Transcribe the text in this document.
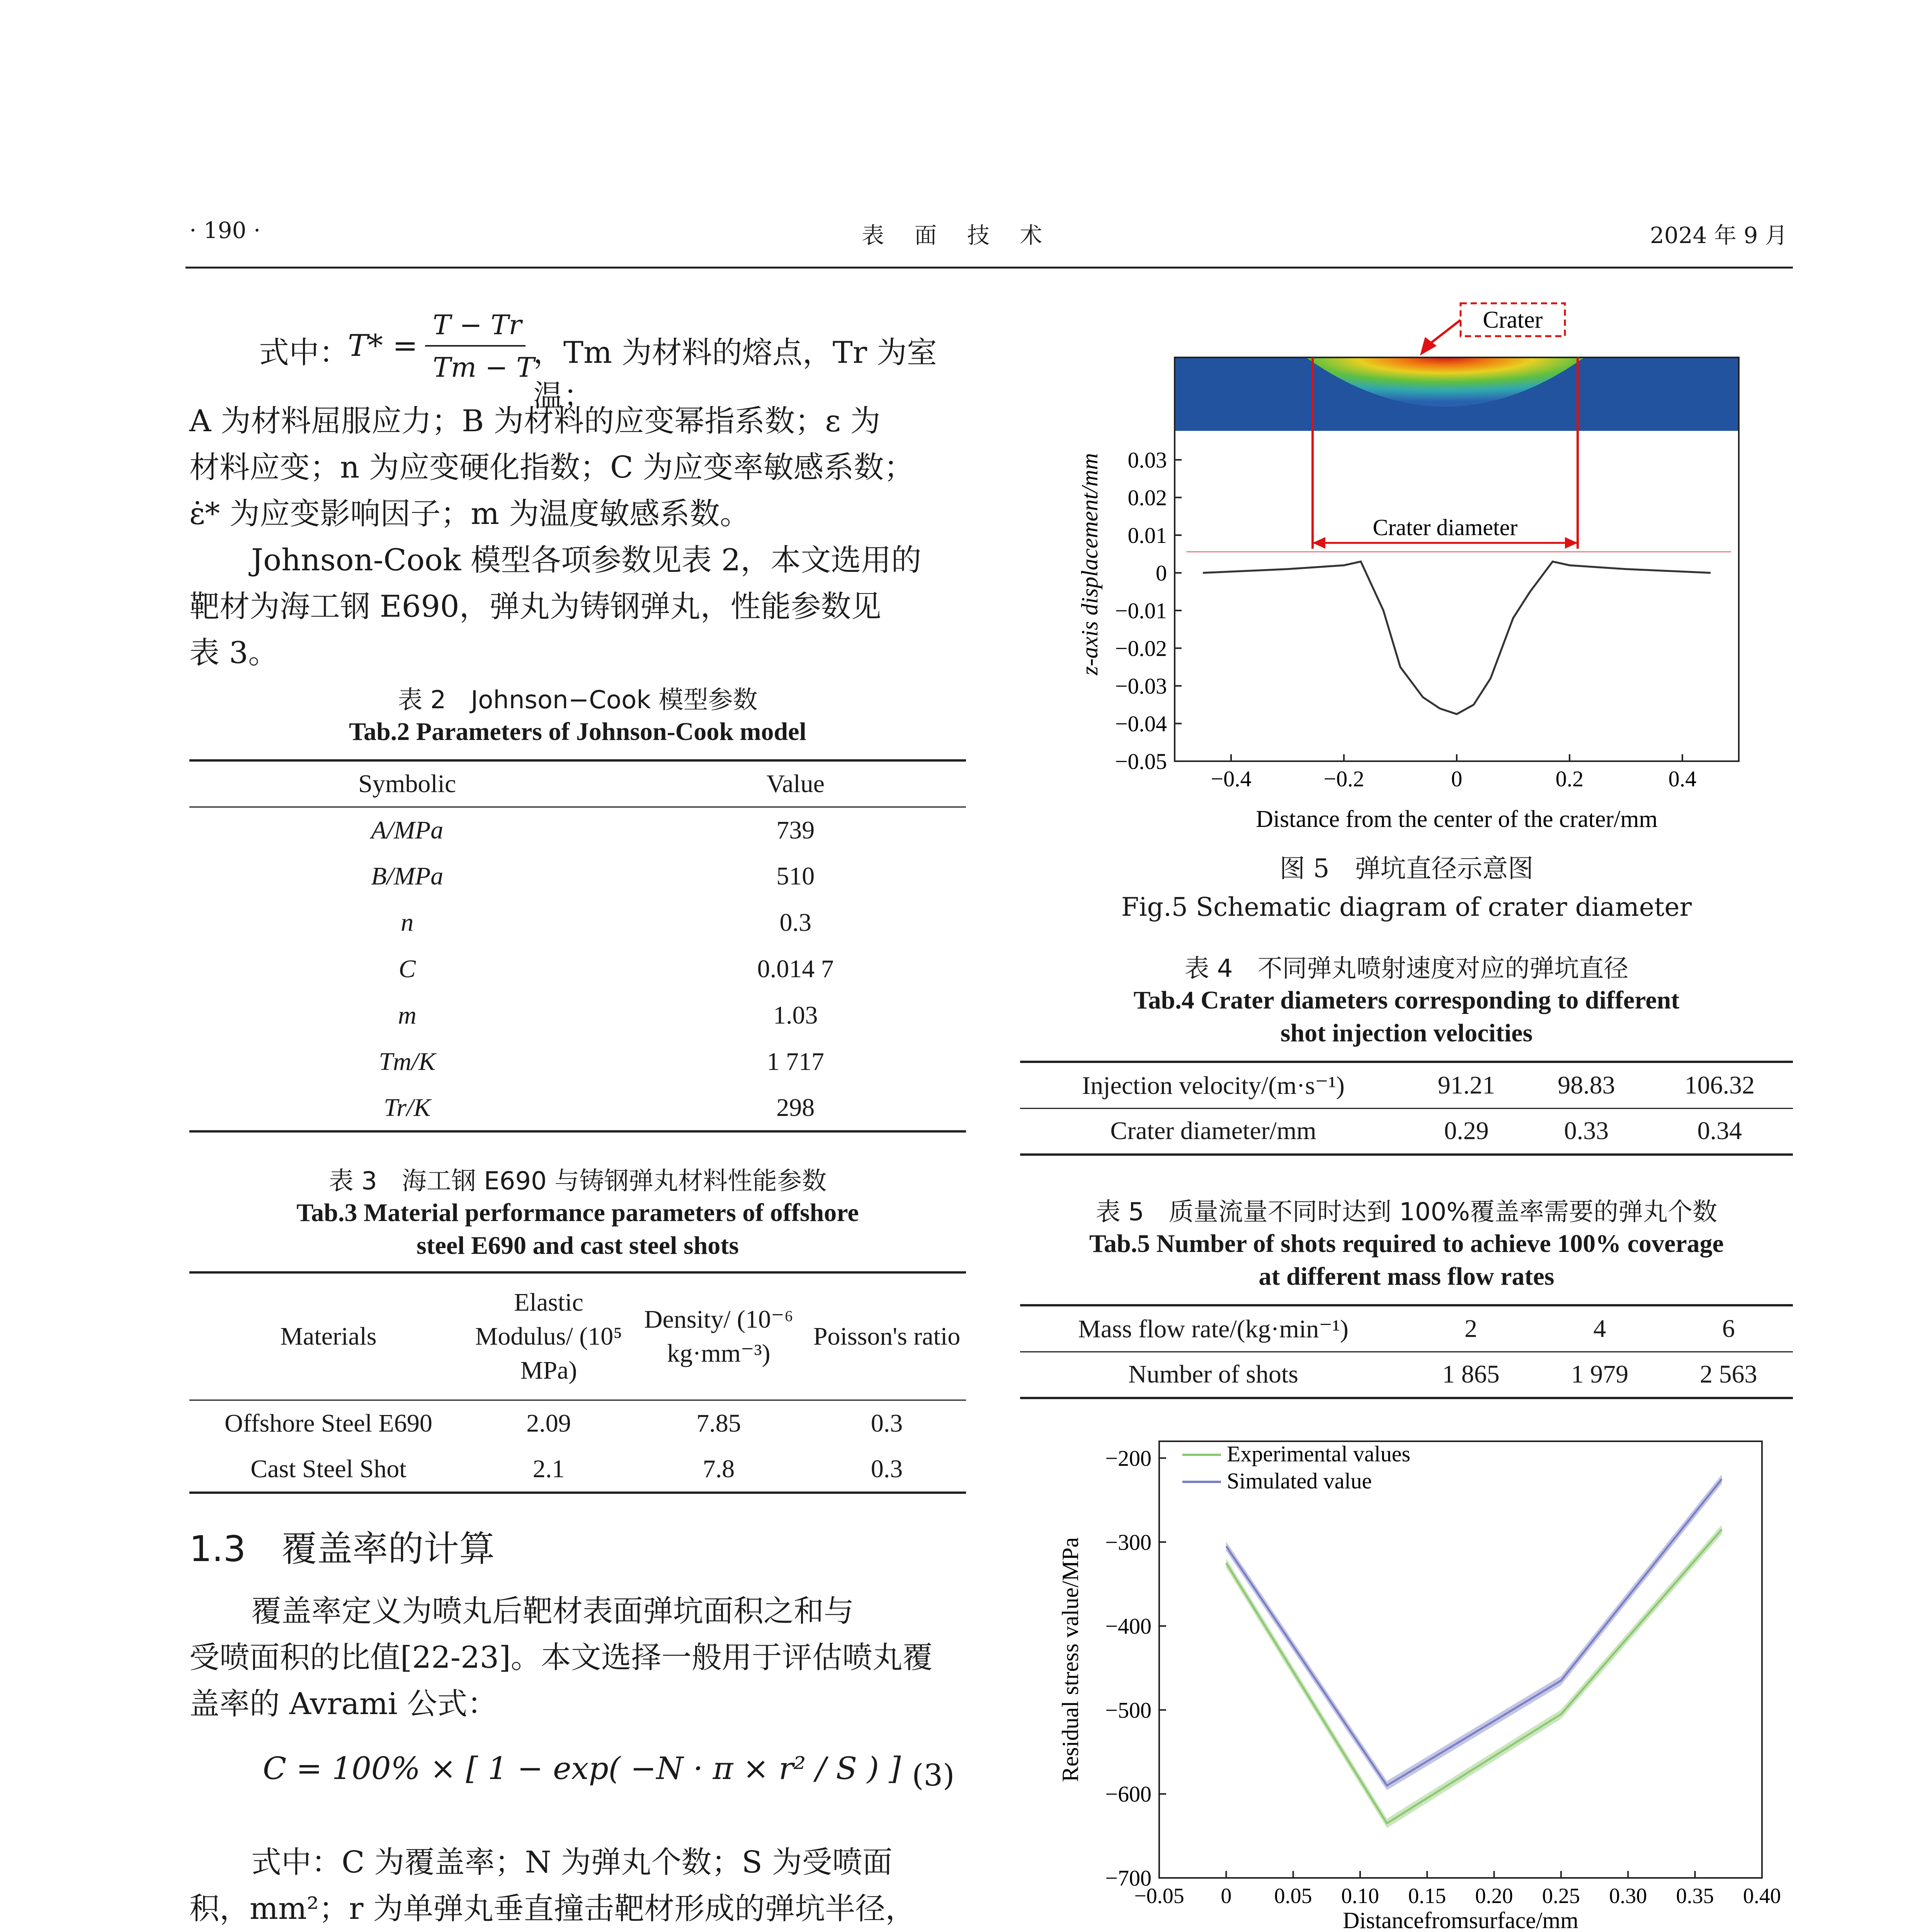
· 190 ·	表 面 技 术	2024 年 9 月
式中：
T* =
T − Tr
Tm − T
，Tm 为材料的熔点，Tr 为室温；
A 为材料屈服应力；B 为材料的应变幂指系数；ε 为
材料应变；n 为应变硬化指数；C 为应变率敏感系数；
ε̇* 为应变影响因子；m 为温度敏感系数。
Johnson-Cook 模型各项参数见表 2，本文选用的
靶材为海工钢 E690，弹丸为铸钢弹丸，性能参数见
表 3。
表 2　Johnson−Cook 模型参数
Tab.2 Parameters of Johnson-Cook model
Symbolic	Value
A/MPa	739
B/MPa	510
n	0.3
C	0.014 7
m	1.03
Tm/K	1 717
Tr/K	298
表 3　海工钢 E690 与铸钢弹丸材料性能参数
Tab.3 Material performance parameters of offshore
steel E690 and cast steel shots
Materials	Elastic Modulus/ (10⁵ MPa)	Density/ (10⁻⁶ kg·mm⁻³)	Poisson's ratio
Offshore Steel E690	2.09	7.85	0.3
Cast Steel Shot	2.1	7.8	0.3
1.3　覆盖率的计算
覆盖率定义为喷丸后靶材表面弹坑面积之和与
受喷面积的比值[22-23]。本文选择一般用于评估喷丸覆
盖率的 Avrami 公式：
C = 100% × [ 1 − exp( −N · π × r² / S ) ] (3)
式中：C 为覆盖率；N 为弹丸个数；S 为受喷面
积，mm²；r 为单弹丸垂直撞击靶材形成的弹坑半径，
Crater
Crater diameter
0.03
0.02
0.01
0
−0.01
−0.02
−0.03
−0.04
−0.05
−0.4	−0.2	0	0.2	0.4
z-axis displacement/mm
Distance from the center of the crater/mm
图 5　弹坑直径示意图
Fig.5 Schematic diagram of crater diameter
表 4　不同弹丸喷射速度对应的弹坑直径
Tab.4 Crater diameters corresponding to different
shot injection velocities
Injection velocity/(m·s⁻¹)	91.21	98.83	106.32
Crater diameter/mm	0.29	0.33	0.34
表 5　质量流量不同时达到 100%覆盖率需要的弹丸个数
Tab.5 Number of shots required to achieve 100% coverage
at different mass flow rates
Mass flow rate/(kg·min⁻¹)	2	4	6
Number of shots	1 865	1 979	2 563
−200
−300
−400
−500
−600
−700
−0.05 0 0.05 0.10 0.15 0.20 0.25 0.30 0.35 0.40
Experimental values
Simulated value
Residual stress value/MPa
Distancefromsurface/mm
